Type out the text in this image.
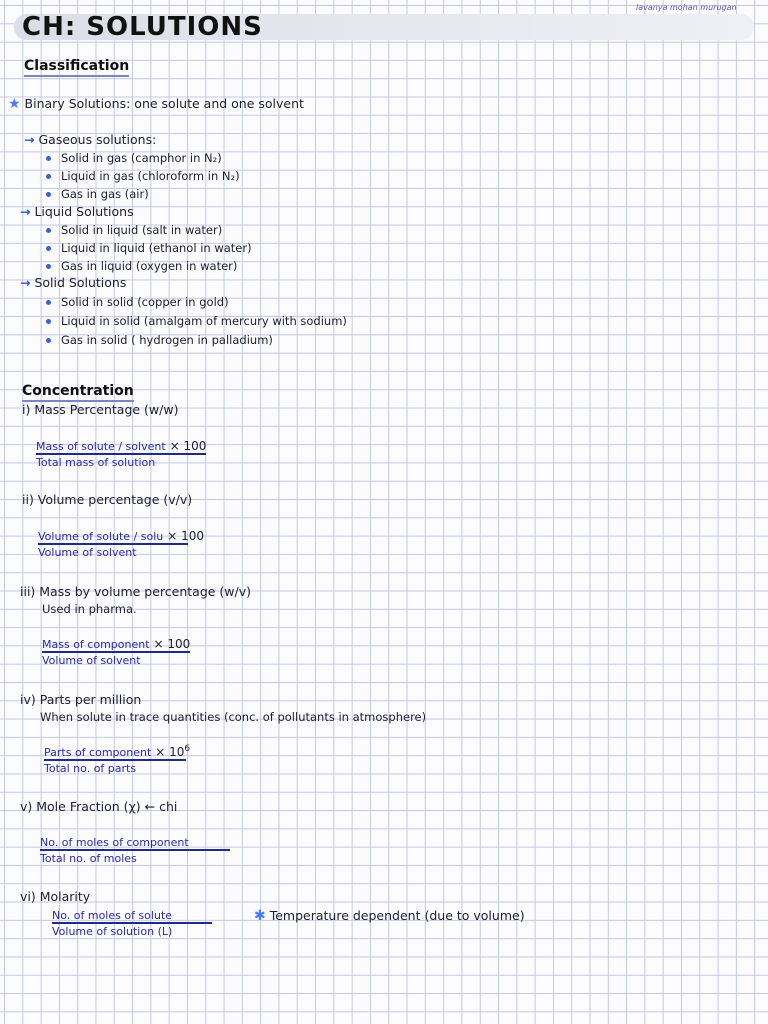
CH: SOLUTIONS
lavanya mohan murugan
Classification
★ Binary Solutions: one solute and one solvent
→ Gaseous solutions:
Solid in gas (camphor in N₂)
Liquid in gas (chloroform in N₂)
Gas in gas (air)
→ Liquid Solutions
Solid in liquid (salt in water)
Liquid in liquid (ethanol in water)
Gas in liquid (oxygen in water)
→ Solid Solutions
Solid in solid (copper in gold)
Liquid in solid (amalgam of mercury with sodium)
Gas in solid ( hydrogen in palladium)
Concentration
i) Mass Percentage (w/w)
Mass of solute / solvent × 100
Total mass of solution
ii) Volume percentage (v/v)
Volume of solute / solu × 100
Volume of solvent
iii) Mass by volume percentage (w/v)
Used in pharma.
Mass of component × 100
Volume of solvent
iv) Parts per million
When solute in trace quantities (conc. of pollutants in atmosphere)
Parts of component × $10^6$
Total no. of parts
v) Mole Fraction (χ) ← chi
No. of moles of component
Total no. of moles
vi) Molarity
No. of moles of solute
Volume of solution (L)
✱ Temperature dependent (due to volume)
